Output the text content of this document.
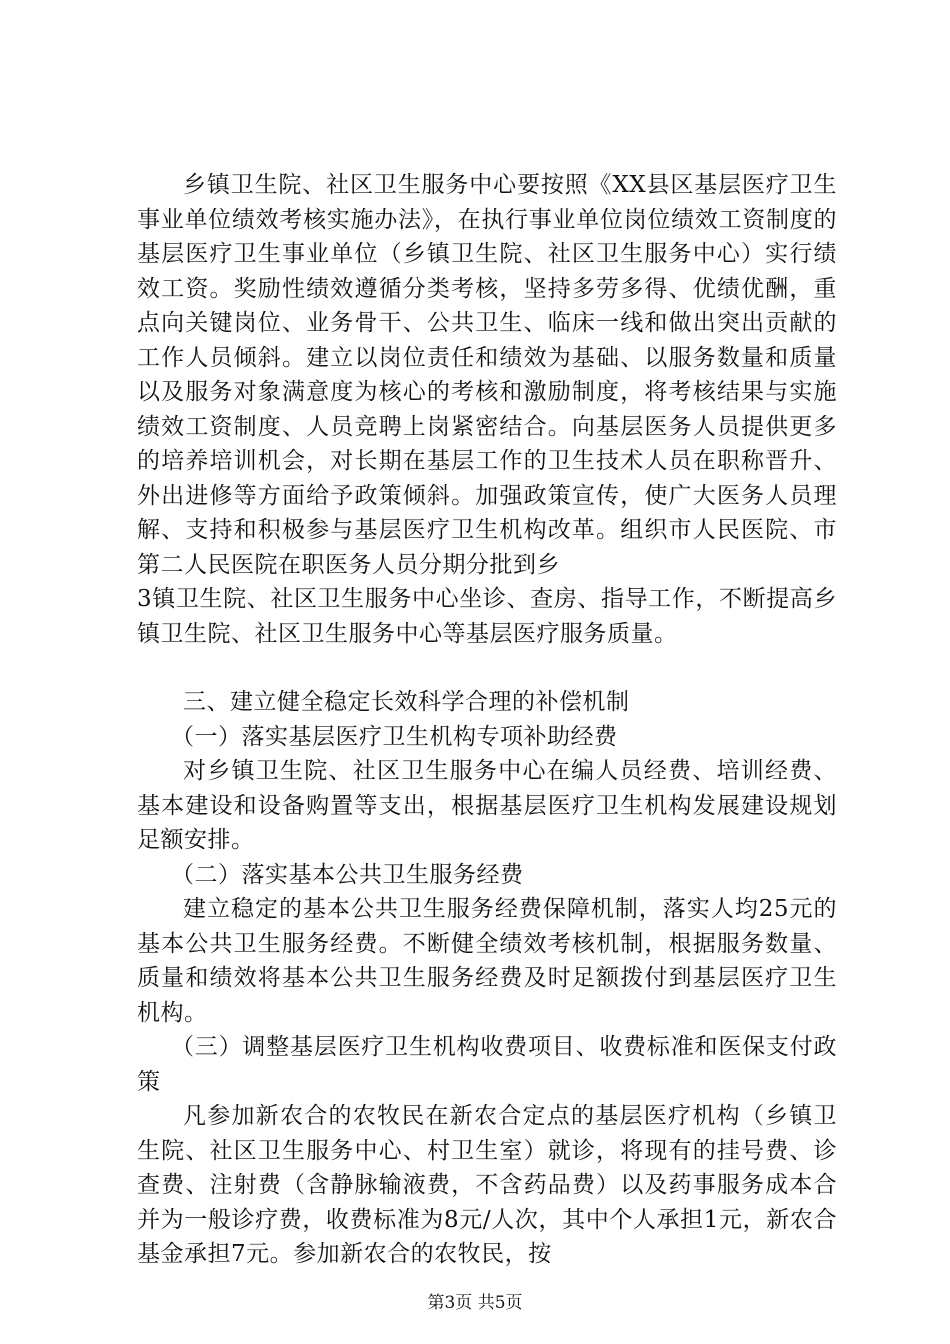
乡镇卫生院、社区卫生服务中心要按照《XX县区基层医疗卫生事业单位绩效考核实施办法》，在执行事业单位岗位绩效工资制度的基层医疗卫生事业单位（乡镇卫生院、社区卫生服务中心）实行绩效工资。奖励性绩效遵循分类考核，坚持多劳多得、优绩优酬，重点向关键岗位、业务骨干、公共卫生、临床一线和做出突出贡献的工作人员倾斜。建立以岗位责任和绩效为基础、以服务数量和质量以及服务对象满意度为核心的考核和激励制度，将考核结果与实施绩效工资制度、人员竞聘上岗紧密结合。向基层医务人员提供更多的培养培训机会，对长期在基层工作的卫生技术人员在职称晋升、外出进修等方面给予政策倾斜。加强政策宣传，使广大医务人员理解、支持和积极参与基层医疗卫生机构改革。组织市人民医院、市第二人民医院在职医务人员分期分批到乡

3镇卫生院、社区卫生服务中心坐诊、查房、指导工作，不断提高乡镇卫生院、社区卫生服务中心等基层医疗服务质量。

三、建立健全稳定长效科学合理的补偿机制

（一）落实基层医疗卫生机构专项补助经费

对乡镇卫生院、社区卫生服务中心在编人员经费、培训经费、基本建设和设备购置等支出，根据基层医疗卫生机构发展建设规划足额安排。

（二）落实基本公共卫生服务经费

建立稳定的基本公共卫生服务经费保障机制，落实人均25元的基本公共卫生服务经费。不断健全绩效考核机制，根据服务数量、质量和绩效将基本公共卫生服务经费及时足额拨付到基层医疗卫生机构。

（三）调整基层医疗卫生机构收费项目、收费标准和医保支付政策

凡参加新农合的农牧民在新农合定点的基层医疗机构（乡镇卫生院、社区卫生服务中心、村卫生室）就诊，将现有的挂号费、诊查费、注射费（含静脉输液费，不含药品费）以及药事服务成本合并为一般诊疗费，收费标准为8元/人次，其中个人承担1元，新农合基金承担7元。参加新农合的农牧民，按

第3页 共5页
